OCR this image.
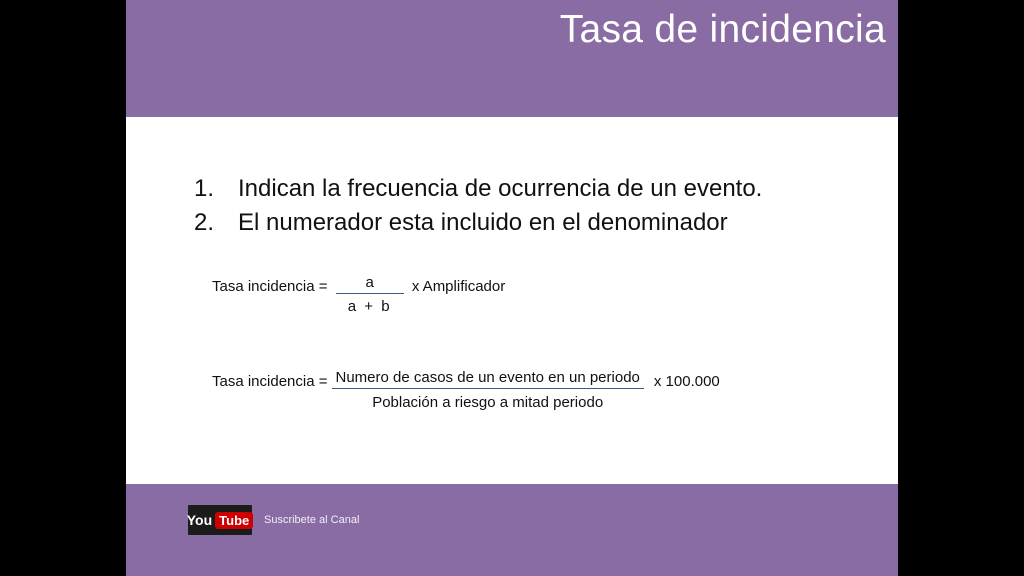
Tasa de incidencia
1. Indican la frecuencia de ocurrencia de un evento.
2. El numerador esta incluido en el denominador
Tasa incidencia = $\frac{a}{a + b}$ x Amplificador
Tasa incidencia = $\frac{\text{Numero de casos de un evento en un periodo}}{\text{Población a riesgo a mitad periodo}}$ x 100.000
You Tube	Suscribete al Canal
